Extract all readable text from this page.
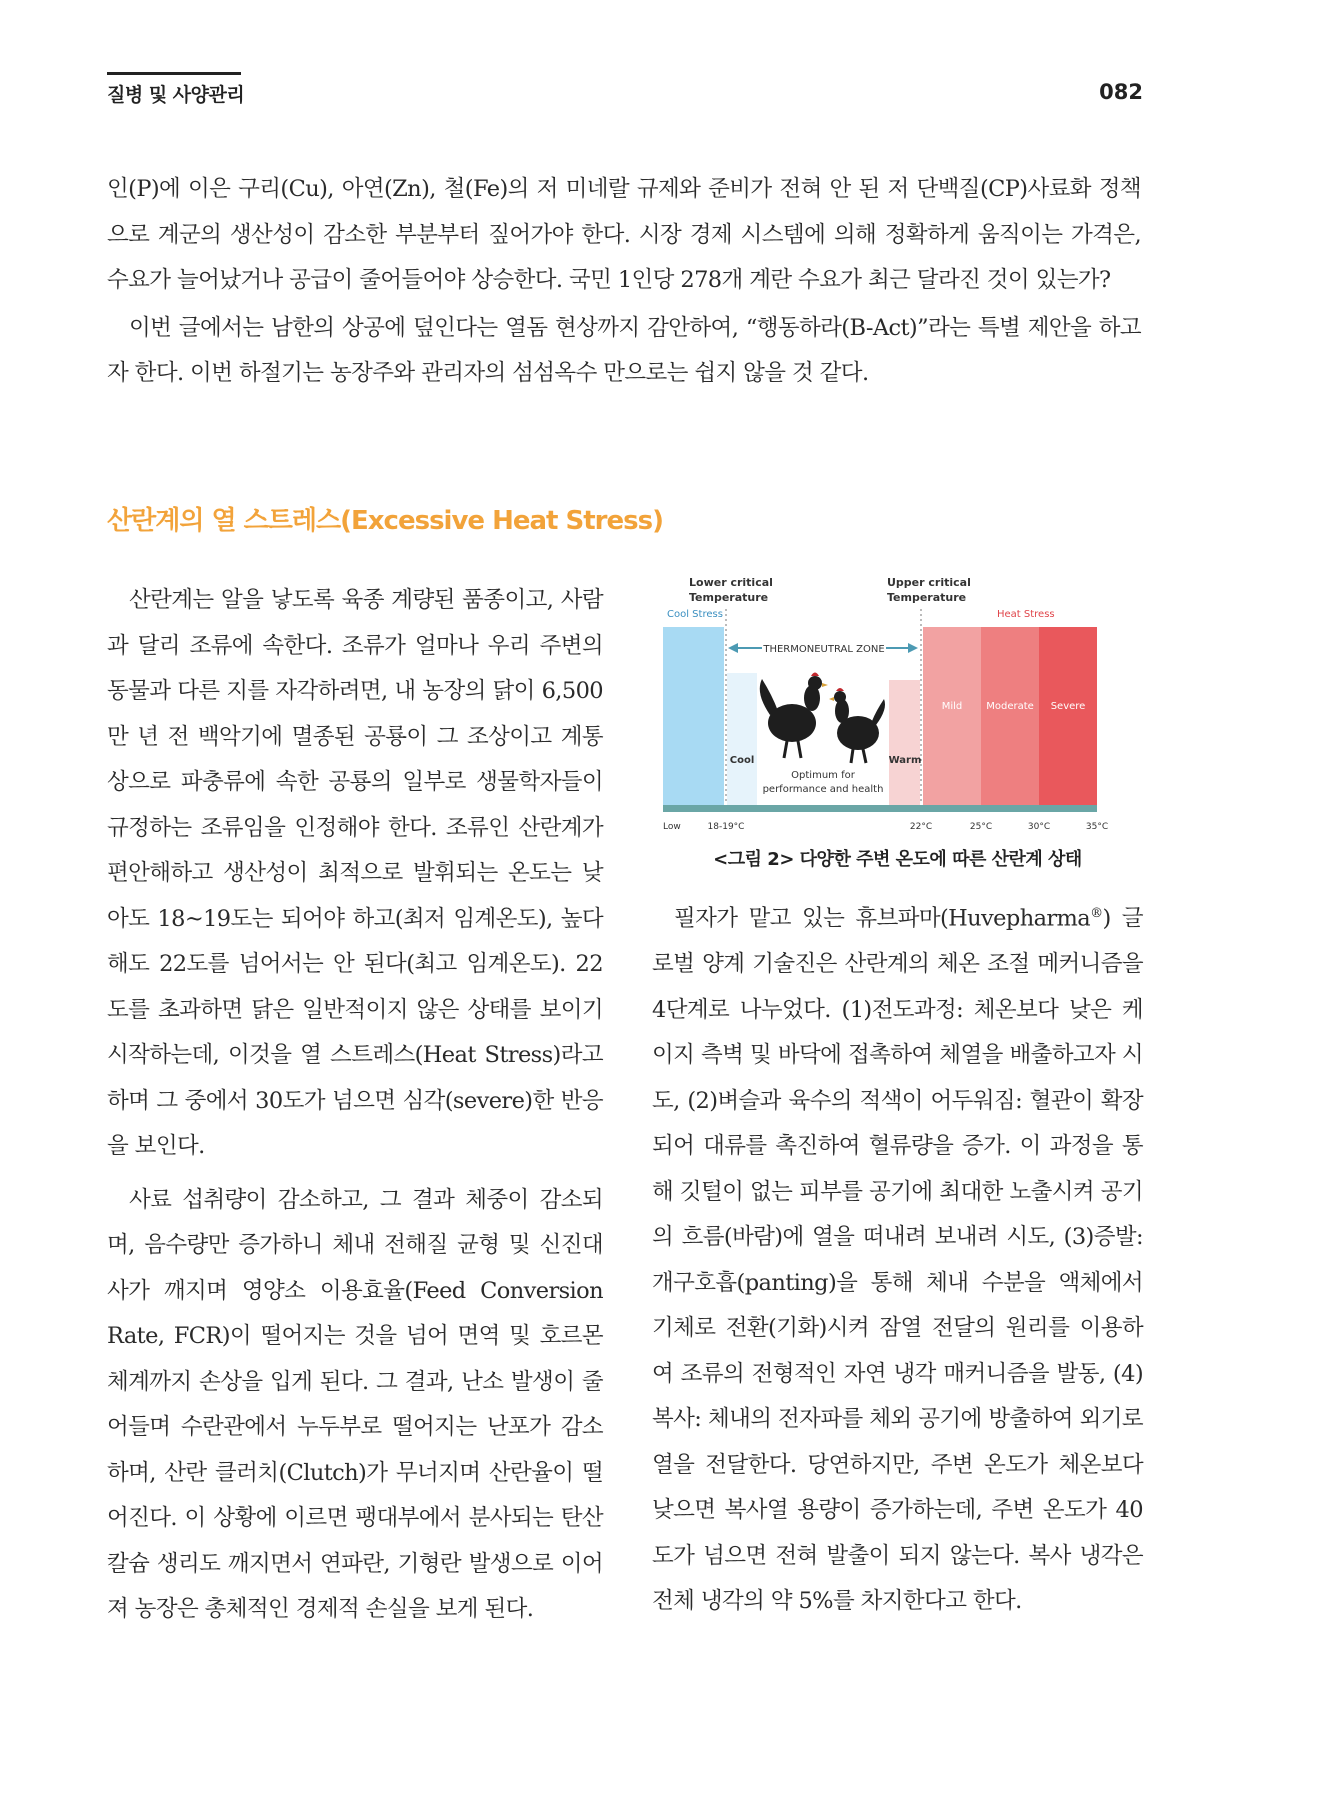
질병 및 사양관리	082

인(P)에 이은 구리(Cu), 아연(Zn), 철(Fe)의 저 미네랄 규제와 준비가 전혀 안 된 저 단백질(CP)사료화 정책으로 계군의 생산성이 감소한 부분부터 짚어가야 한다. 시장 경제 시스템에 의해 정확하게 움직이는 가격은, 수요가 늘어났거나 공급이 줄어들어야 상승한다. 국민 1인당 278개 계란 수요가 최근 달라진 것이 있는가?

이번 글에서는 남한의 상공에 덮인다는 열돔 현상까지 감안하여, “행동하라(B-Act)”라는 특별 제안을 하고자 한다. 이번 하절기는 농장주와 관리자의 섬섬옥수 만으로는 쉽지 않을 것 같다.

산란계의 열 스트레스(Excessive Heat Stress)

산란계는 알을 낳도록 육종 계량된 품종이고, 사람과 달리 조류에 속한다. 조류가 얼마나 우리 주변의 동물과 다른 지를 자각하려면, 내 농장의 닭이 6,500만 년 전 백악기에 멸종된 공룡이 그 조상이고 계통상으로 파충류에 속한 공룡의 일부로 생물학자들이 규정하는 조류임을 인정해야 한다. 조류인 산란계가 편안해하고 생산성이 최적으로 발휘되는 온도는 낮아도 18~19도는 되어야 하고(최저 임계온도), 높다 해도 22도를 넘어서는 안 된다(최고 임계온도). 22도를 초과하면 닭은 일반적이지 않은 상태를 보이기 시작하는데, 이것을 열 스트레스(Heat Stress)라고 하며 그 중에서 30도가 넘으면 심각(severe)한 반응을 보인다.

사료 섭취량이 감소하고, 그 결과 체중이 감소되며, 음수량만 증가하니 체내 전해질 균형 및 신진대사가 깨지며 영양소 이용효율(Feed Conversion Rate, FCR)이 떨어지는 것을 넘어 면역 및 호르몬 체계까지 손상을 입게 된다. 그 결과, 난소 발생이 줄어들며 수란관에서 누두부로 떨어지는 난포가 감소하며, 산란 클러치(Clutch)가 무너지며 산란율이 떨어진다. 이 상황에 이르면 팽대부에서 분사되는 탄산칼슘 생리도 깨지면서 연파란, 기형란 발생으로 이어져 농장은 총체적인 경제적 손실을 보게 된다.

Lower critical
Temperature
Upper critical
Temperature
Cool Stress	Heat Stress
THERMONEUTRAL ZONE
Cool	Warm
Mild Moderate Severe
Optimum for
performance and health
Low	18-19°C	22°C	25°C	30°C	35°C
<그림 2> 다양한 주변 온도에 따른 산란계 상태

필자가 맡고 있는 휴브파마(Huvepharma®) 글로벌 양계 기술진은 산란계의 체온 조절 메커니즘을 4단계로 나누었다. (1)전도과정: 체온보다 낮은 케이지 측벽 및 바닥에 접촉하여 체열을 배출하고자 시도, (2)벼슬과 육수의 적색이 어두워짐: 혈관이 확장되어 대류를 촉진하여 혈류량을 증가. 이 과정을 통해 깃털이 없는 피부를 공기에 최대한 노출시켜 공기의 흐름(바람)에 열을 떠내려 보내려 시도, (3)증발: 개구호흡(panting)을 통해 체내 수분을 액체에서 기체로 전환(기화)시켜 잠열 전달의 원리를 이용하여 조류의 전형적인 자연 냉각 매커니즘을 발동, (4)복사: 체내의 전자파를 체외 공기에 방출하여 외기로 열을 전달한다. 당연하지만, 주변 온도가 체온보다 낮으면 복사열 용량이 증가하는데, 주변 온도가 40도가 넘으면 전혀 발출이 되지 않는다. 복사 냉각은 전체 냉각의 약 5%를 차지한다고 한다.
